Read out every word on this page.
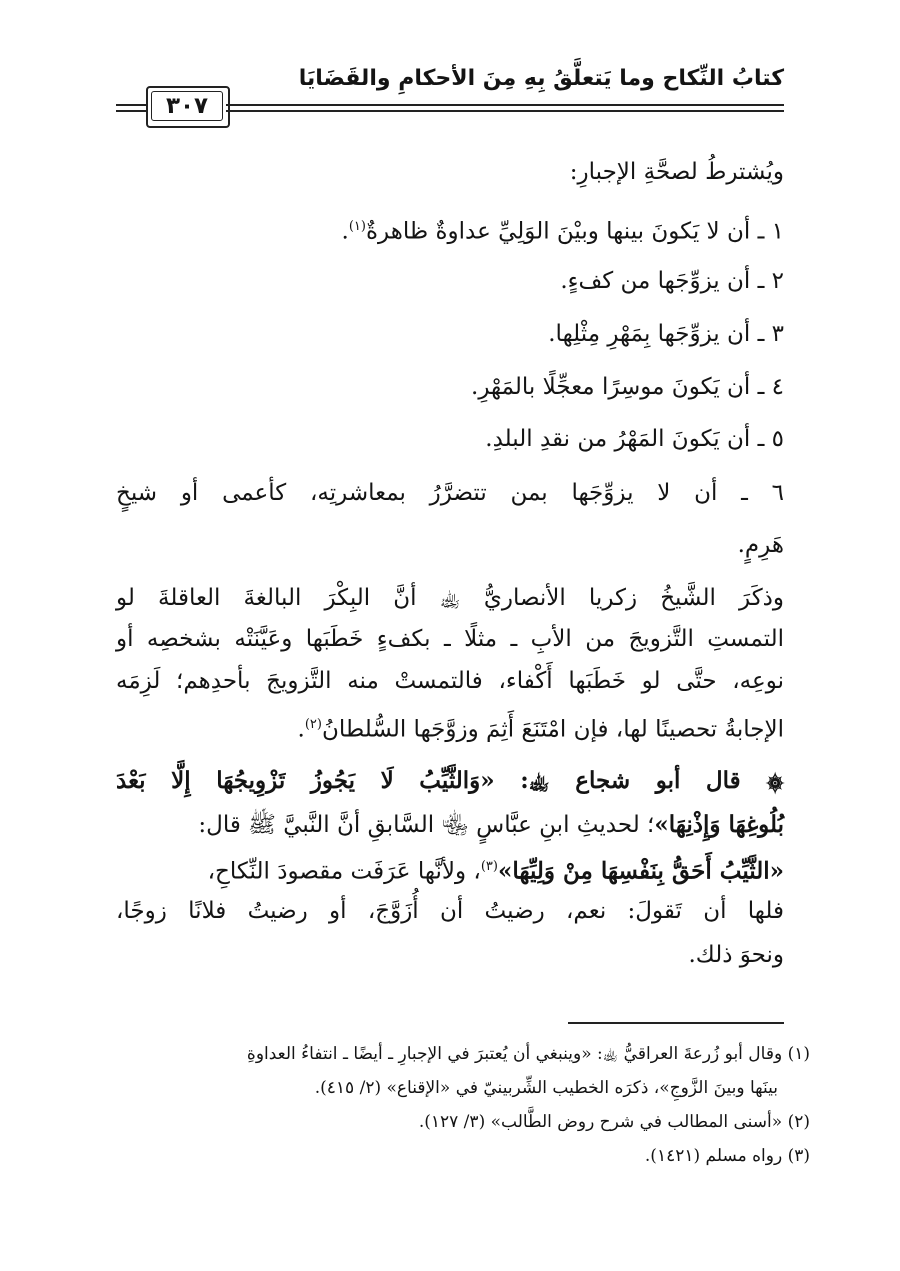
كتابُ النِّكاح وما يَتعلَّقُ بِهِ مِنَ الأحكامِ والقَضَايَا
٣٠٧
ويُشترطُ لصحَّةِ الإجبارِ:
١ ـ أن لا يَكونَ بينها وبيْنَ الوَلِيِّ عداوةٌ ظاهرةٌ$^{(١)}$.
٢ ـ أن يزوِّجَها من كفءٍ.
٣ ـ أن يزوِّجَها بِمَهْرِ مِثْلِها.
٤ ـ أن يَكونَ موسِرًا معجِّلًا بالمَهْرِ.
٥ ـ أن يَكونَ المَهْرُ من نقدِ البلدِ.
٦ ـ أن لا يزوِّجَها بمن تتضرَّرُ بمعاشرتِه، كأعمى أو شيخٍ
هَرِمٍ.
وذكَرَ الشَّيخُ زكريا الأنصاريُّ ﵀ أنَّ البِكْرَ البالغةَ العاقلةَ لو
التمستِ التَّزويجَ من الأبِ ـ مثلًا ـ بكفءٍ خَطَبَها وعَيَّنَتْه بشخصِه أو
نوعِه، حتَّى لو خَطَبَها أَكْفاء، فالتمستْ منه التَّزويجَ بأحدِهم؛ لَزِمَه
الإجابةُ تحصينًا لها، فإن امْتَنَعَ أَثِمَ وزوَّجَها السُّلطانُ$^{(٢)}$.
۞ قال أبو شجاع ﵀: «وَالثَّيِّبُ لَا يَجُوزُ تَزْوِيجُهَا إِلَّا بَعْدَ
بُلُوغِهَا وَإِذْنِهَا»؛ لحديثِ ابنِ عبَّاسٍ ﵄ السَّابقِ أنَّ النَّبيَّ ﷺ قال:
«الثَّيِّبُ أَحَقُّ بِنَفْسِهَا مِنْ وَلِيِّهَا»$^{(٣)}$، ولأنَّها عَرَفَت مقصودَ النِّكاحِ،
فلها أن تَقولَ: نعم، رضيتُ أن أُزَوَّجَ، أو رضيتُ فلانًا زوجًا،
ونحوَ ذلك.
(١) وقال أبو زُرعةَ العراقيُّ ﵀: «وينبغي أن يُعتبرَ في الإجبارِ ـ أيضًا ـ انتفاءُ العداوةِ
بينَها وبينَ الزَّوجِ»، ذكرَه الخطيب الشِّربينيّ في «الإقناع» (٢/ ٤١٥).
(٢) «أسنى المطالب في شرح روض الطَّالب» (٣/ ١٢٧).
(٣) رواه مسلم (١٤٢١).
